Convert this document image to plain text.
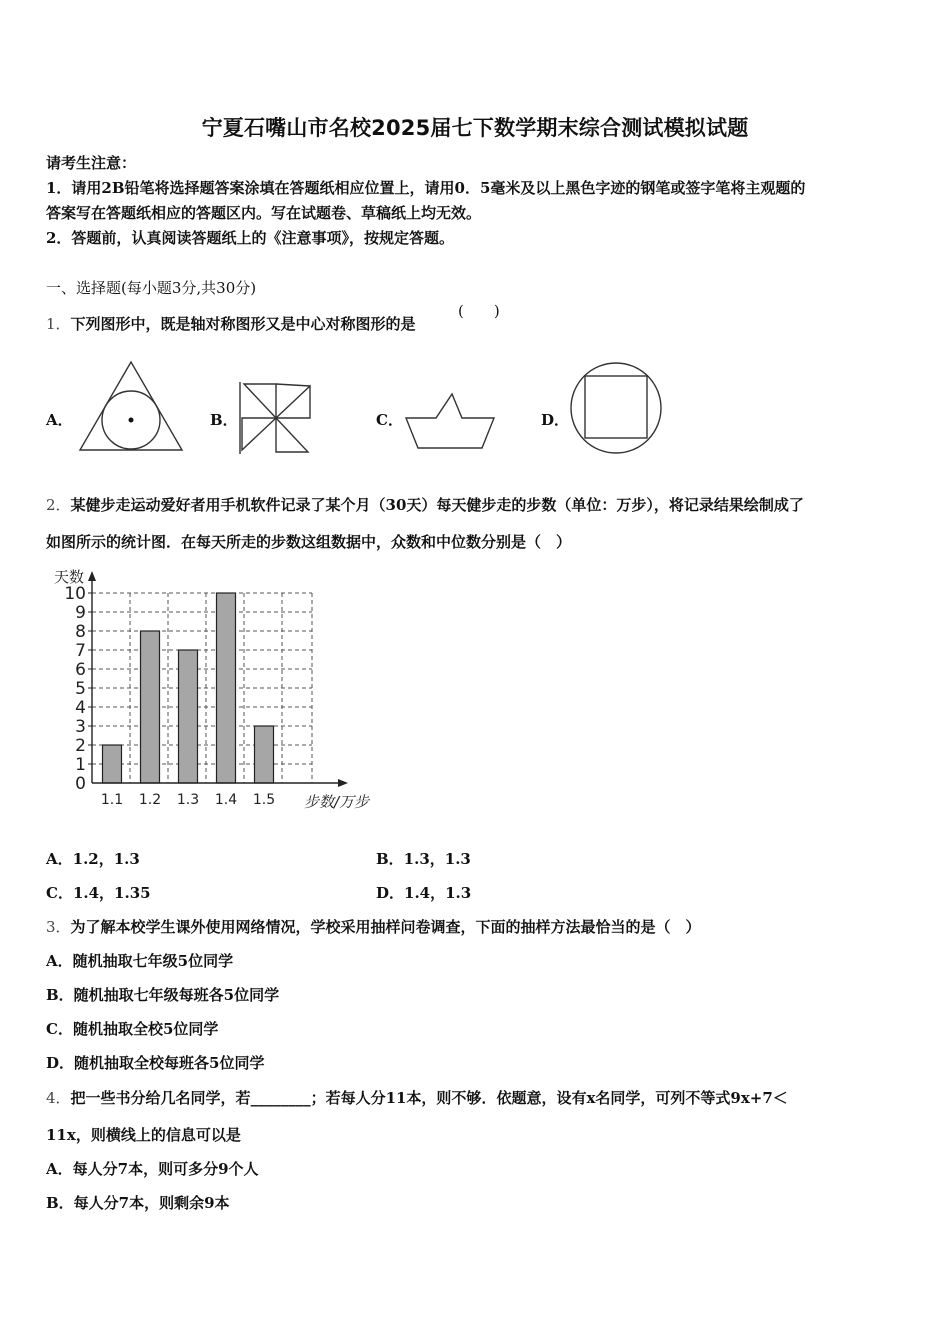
宁夏石嘴山市名校2025届七下数学期末综合测试模拟试题
请考生注意：
1．请用2B铅笔将选择题答案涂填在答题纸相应位置上，请用0．5毫米及以上黑色字迹的钢笔或签字笔将主观题的
答案写在答题纸相应的答题区内。写在试题卷、草稿纸上均无效。
2．答题前，认真阅读答题纸上的《注意事项》，按规定答题。
一、选择题(每小题3分,共30分)
1．下列图形中，既是轴对称图形又是中心对称图形的是
(　　)
A．	B．	C．	D．
2．某健步走运动爱好者用手机软件记录了某个月（30天）每天健步走的步数（单位：万步），将记录结果绘制成了
如图所示的统计图．在每天所走的步数这组数据中，众数和中位数分别是（　）
0
1
2
3
4
5
6
7
8
9
10
1.1 1.2 1.3 1.4 1.5
天数
步数/万步
A．1.2，1.3	B．1.3，1.3
C．1.4，1.35	D．1.4，1.3
3．为了解本校学生课外使用网络情况，学校采用抽样问卷调查，下面的抽样方法最恰当的是（　）
A．随机抽取七年级5位同学
B．随机抽取七年级每班各5位同学
C．随机抽取全校5位同学
D．随机抽取全校每班各5位同学
4．把一些书分给几名同学，若________；若每人分11本，则不够．依题意，设有x名同学，可列不等式9x+7＜
11x，则横线上的信息可以是
A．每人分7本，则可多分9个人
B．每人分7本，则剩余9本
